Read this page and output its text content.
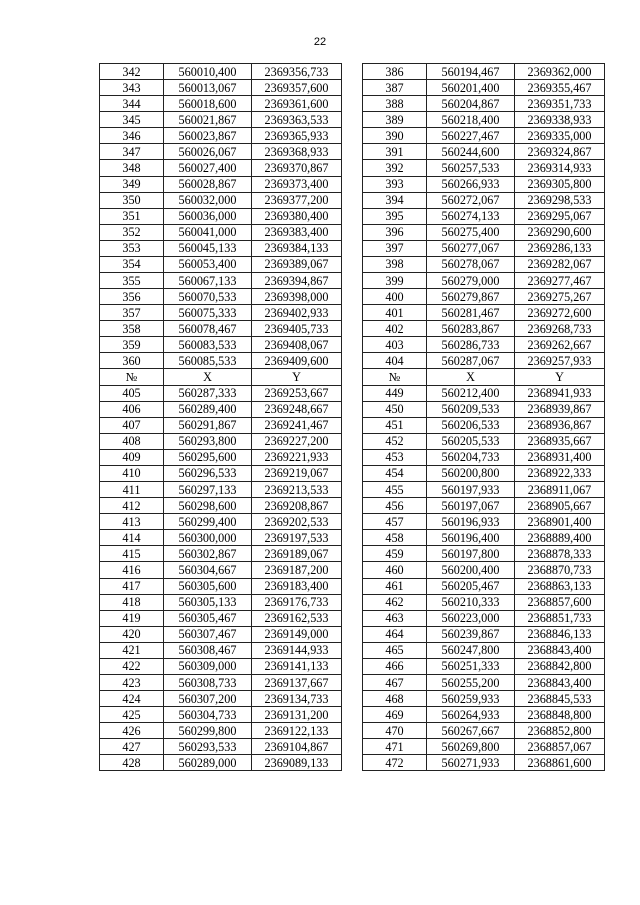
22
342	560010,400	2369356,733
343	560013,067	2369357,600
344	560018,600	2369361,600
345	560021,867	2369363,533
346	560023,867	2369365,933
347	560026,067	2369368,933
348	560027,400	2369370,867
349	560028,867	2369373,400
350	560032,000	2369377,200
351	560036,000	2369380,400
352	560041,000	2369383,400
353	560045,133	2369384,133
354	560053,400	2369389,067
355	560067,133	2369394,867
356	560070,533	2369398,000
357	560075,333	2369402,933
358	560078,467	2369405,733
359	560083,533	2369408,067
360	560085,533	2369409,600
№	X	Y
405	560287,333	2369253,667
406	560289,400	2369248,667
407	560291,867	2369241,467
408	560293,800	2369227,200
409	560295,600	2369221,933
410	560296,533	2369219,067
411	560297,133	2369213,533
412	560298,600	2369208,867
413	560299,400	2369202,533
414	560300,000	2369197,533
415	560302,867	2369189,067
416	560304,667	2369187,200
417	560305,600	2369183,400
418	560305,133	2369176,733
419	560305,467	2369162,533
420	560307,467	2369149,000
421	560308,467	2369144,933
422	560309,000	2369141,133
423	560308,733	2369137,667
424	560307,200	2369134,733
425	560304,733	2369131,200
426	560299,800	2369122,133
427	560293,533	2369104,867
428	560289,000	2369089,133
386	560194,467	2369362,000
387	560201,400	2369355,467
388	560204,867	2369351,733
389	560218,400	2369338,933
390	560227,467	2369335,000
391	560244,600	2369324,867
392	560257,533	2369314,933
393	560266,933	2369305,800
394	560272,067	2369298,533
395	560274,133	2369295,067
396	560275,400	2369290,600
397	560277,067	2369286,133
398	560278,067	2369282,067
399	560279,000	2369277,467
400	560279,867	2369275,267
401	560281,467	2369272,600
402	560283,867	2369268,733
403	560286,733	2369262,667
404	560287,067	2369257,933
№	X	Y
449	560212,400	2368941,933
450	560209,533	2368939,867
451	560206,533	2368936,867
452	560205,533	2368935,667
453	560204,733	2368931,400
454	560200,800	2368922,333
455	560197,933	2368911,067
456	560197,067	2368905,667
457	560196,933	2368901,400
458	560196,400	2368889,400
459	560197,800	2368878,333
460	560200,400	2368870,733
461	560205,467	2368863,133
462	560210,333	2368857,600
463	560223,000	2368851,733
464	560239,867	2368846,133
465	560247,800	2368843,400
466	560251,333	2368842,800
467	560255,200	2368843,400
468	560259,933	2368845,533
469	560264,933	2368848,800
470	560267,667	2368852,800
471	560269,800	2368857,067
472	560271,933	2368861,600
